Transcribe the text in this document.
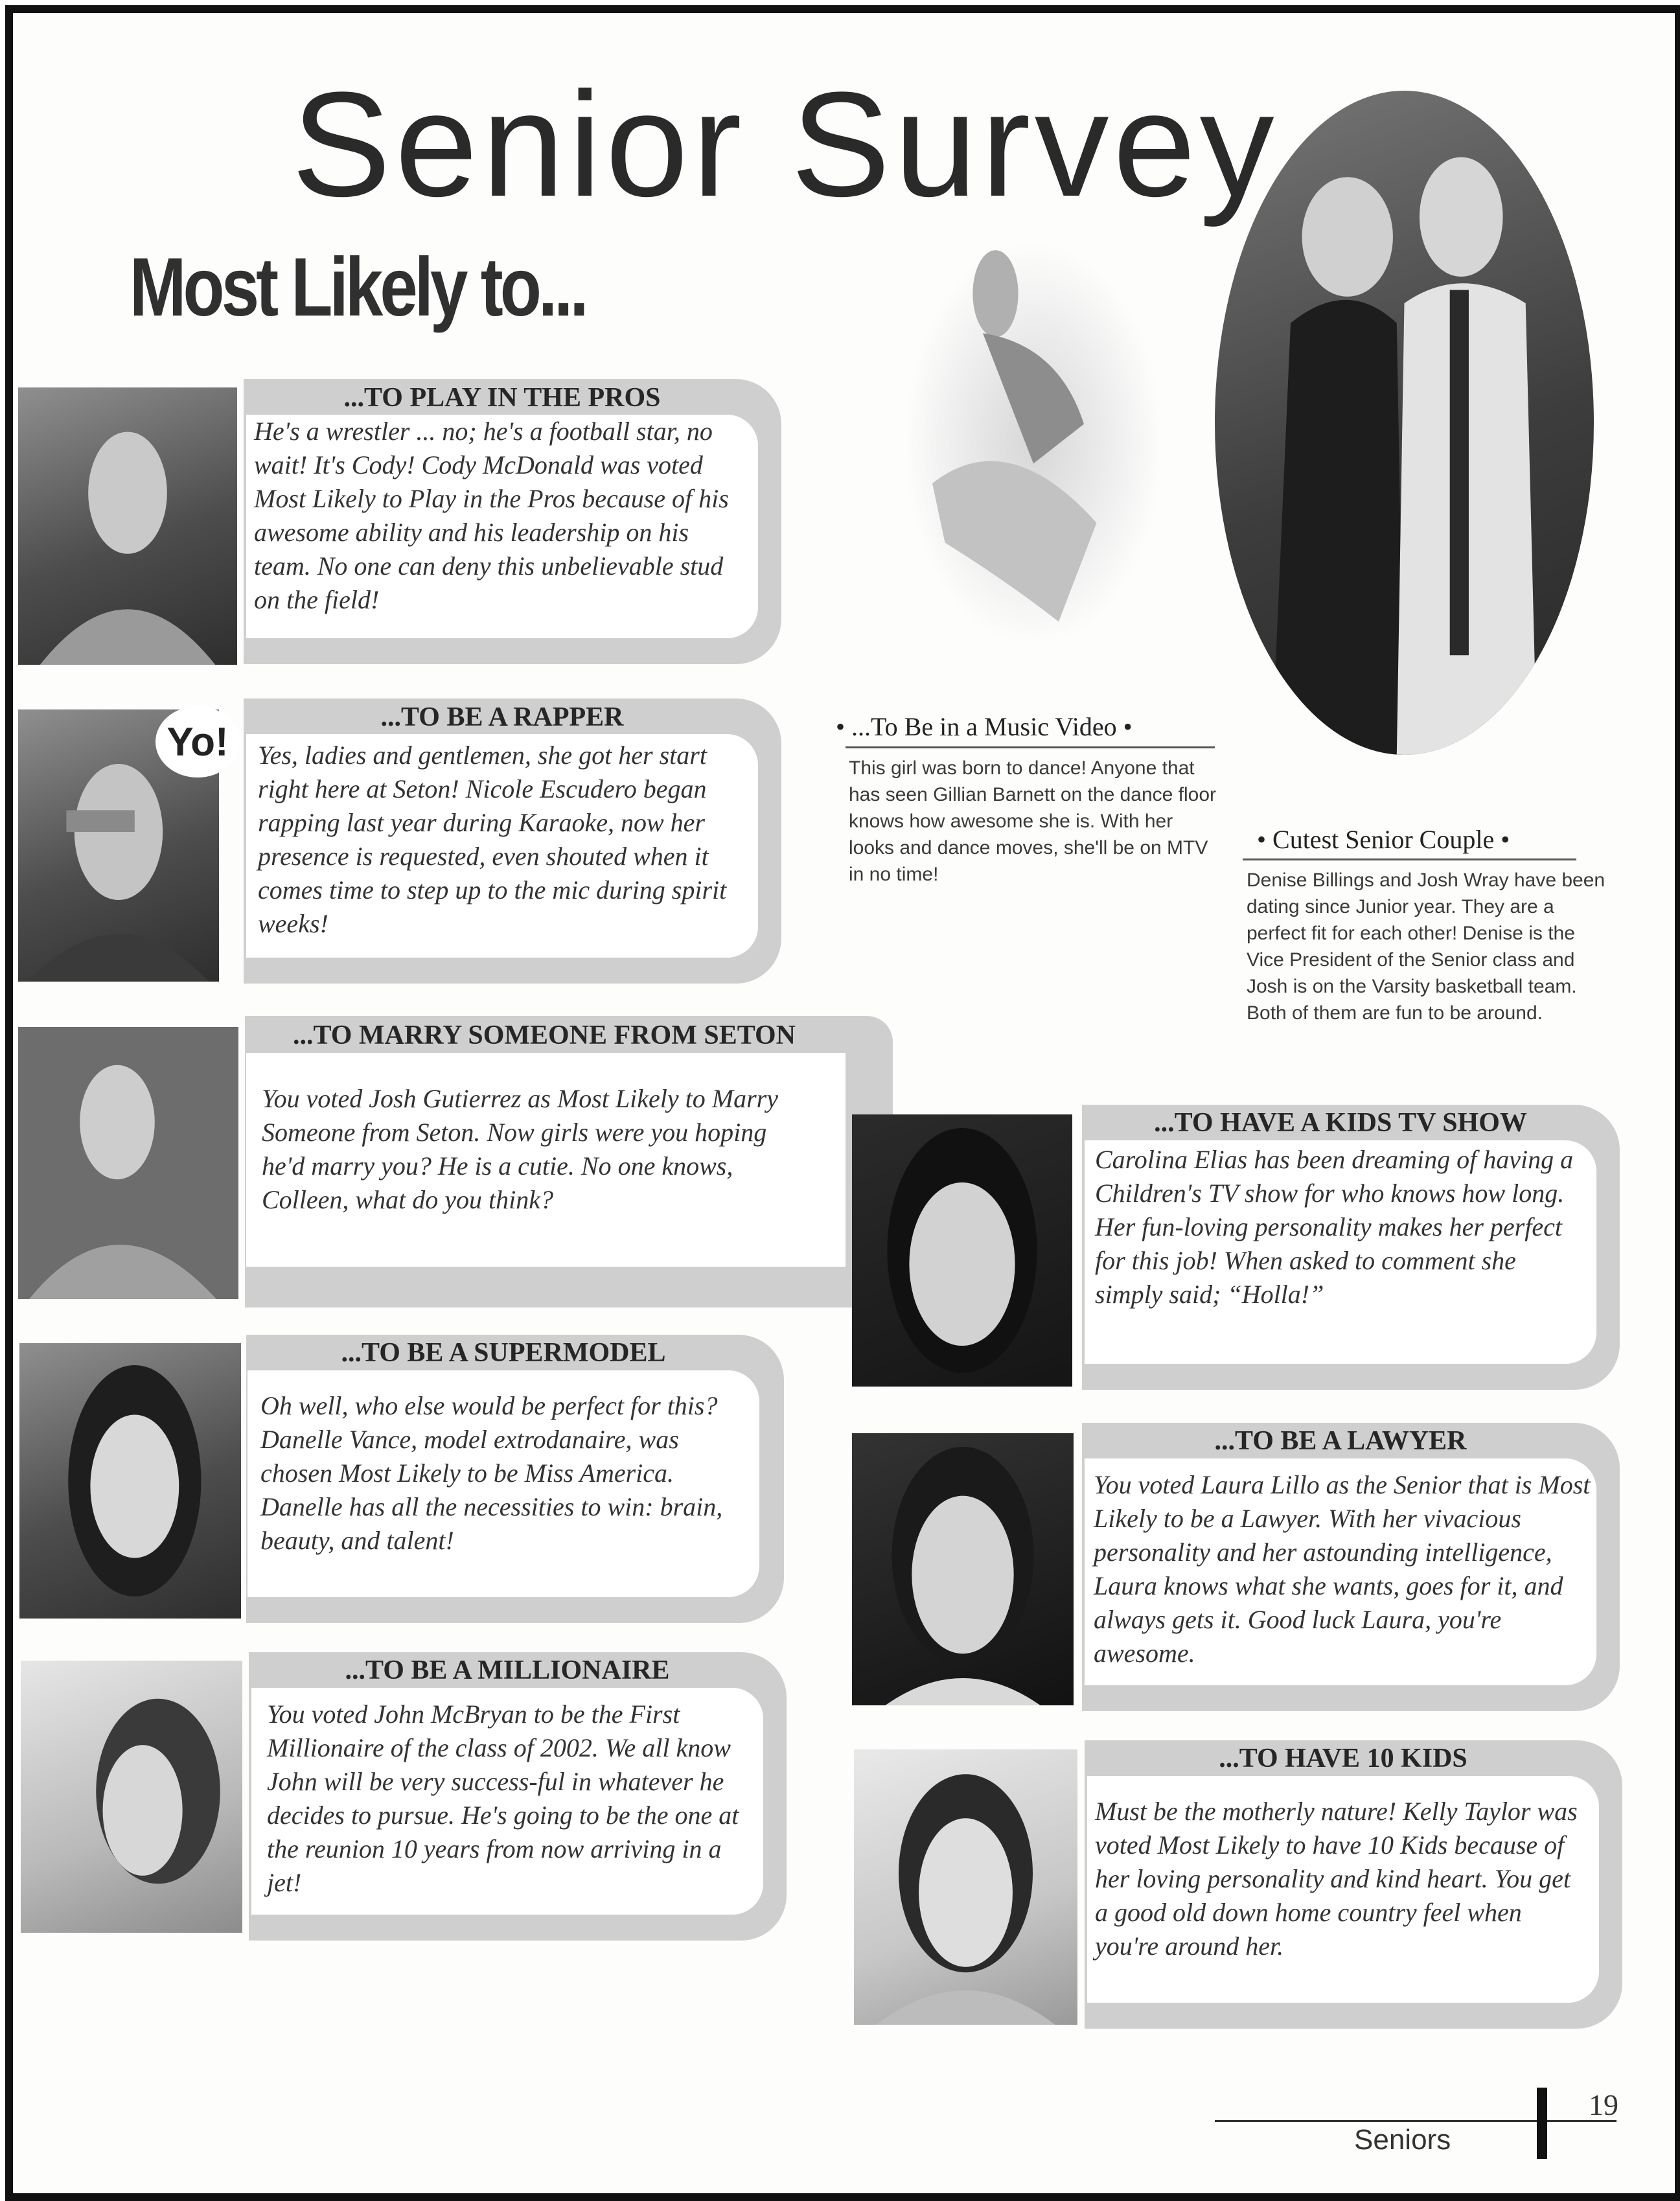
Senior Survey
Most Likely to...
...TO PLAY IN THE PROS
He's a wrestler ... no; he's a football star, no wait! It's Cody! Cody McDonald was voted Most Likely to Play in the Pros because of his awesome ability and his leadership on his team. No one can deny this unbelievable stud on the field!
Yo!
...TO BE A RAPPER
Yes, ladies and gentlemen, she got her start right here at Seton! Nicole Escudero began rapping last year during Karaoke, now her presence is requested, even shouted when it comes time to step up to the mic during spirit weeks!
...TO MARRY SOMEONE FROM SETON
You voted Josh Gutierrez as Most Likely to Marry Someone from Seton. Now girls were you hoping he'd marry you? He is a cutie. No one knows, Colleen, what do you think?
...TO BE A SUPERMODEL
Oh well, who else would be perfect for this? Danelle Vance, model extrodanaire, was chosen Most Likely to be Miss America. Danelle has all the necessities to win: brain, beauty, and talent!
...TO BE A MILLIONAIRE
You voted John McBryan to be the First Millionaire of the class of 2002. We all know John will be very success-ful in whatever he decides to pursue. He's going to be the one at the reunion 10 years from now arriving in a jet!
• ...To Be in a Music Video •
This girl was born to dance! Anyone that has seen Gillian Barnett on the dance floor knows how awesome she is. With her looks and dance moves, she'll be on MTV in no time!
• Cutest Senior Couple •
Denise Billings and Josh Wray have been dating since Junior year. They are a perfect fit for each other! Denise is the Vice President of the Senior class and Josh is on the Varsity basketball team. Both of them are fun to be around.
...TO HAVE A KIDS TV SHOW
Carolina Elias has been dreaming of having a Children's TV show for who knows how long. Her fun-loving personality makes her perfect for this job! When asked to comment she simply said; “Holla!”
...TO BE A LAWYER
You voted Laura Lillo as the Senior that is Most Likely to be a Lawyer. With her vivacious personality and her astounding intelligence, Laura knows what she wants, goes for it, and always gets it. Good luck Laura, you're awesome.
...TO HAVE 10 KIDS
Must be the motherly nature! Kelly Taylor was voted Most Likely to have 10 Kids because of her loving personality and kind heart. You get a good old down home country feel when you're around her.
Seniors
19
